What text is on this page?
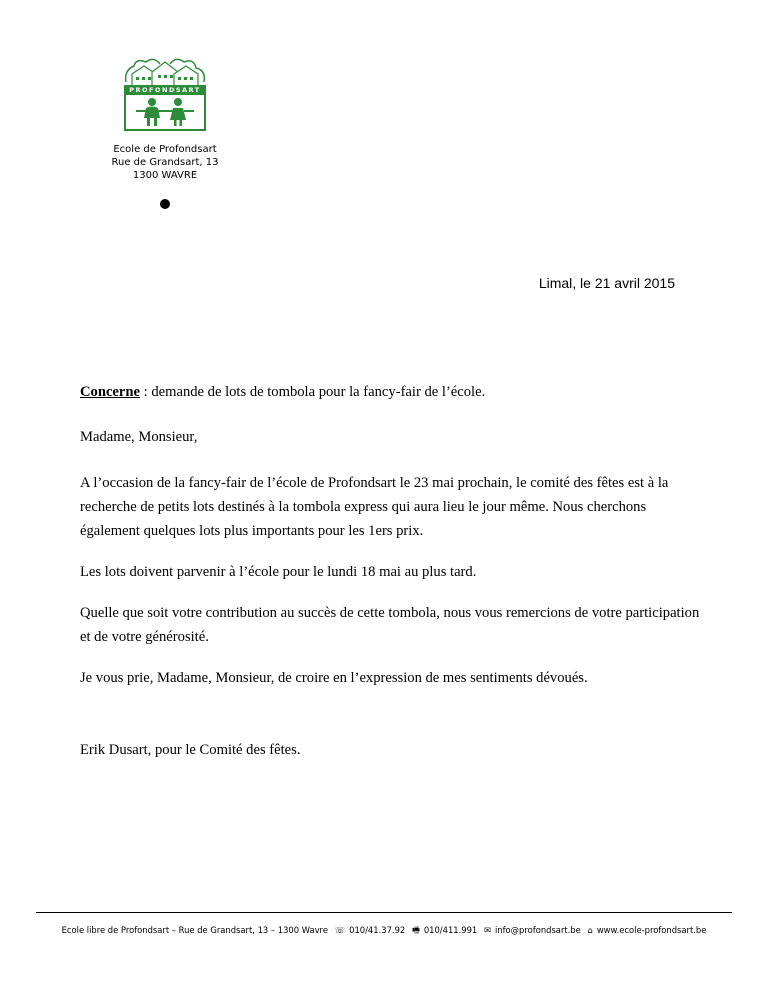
PROFONDSART
Ecole de Profondsart
Rue de Grandsart, 13
1300 WAVRE
Limal, le 21 avril 2015

Concerne : demande de lots de tombola pour la fancy-fair de l’école.

Madame, Monsieur,

A l’occasion de la fancy-fair de l’école de Profondsart le 23 mai prochain, le comité des fêtes est à la recherche de petits lots destinés à la tombola express qui aura lieu le jour même. Nous cherchons également quelques lots plus importants pour les 1ers prix.

Les lots doivent parvenir à l’école pour le lundi 18 mai au plus tard.

Quelle que soit votre contribution au succès de cette tombola, nous vous remercions de votre participation et de votre générosité.

Je vous prie, Madame, Monsieur, de croire en l’expression de mes sentiments dévoués.

Erik Dusart, pour le Comité des fêtes.

Ecole libre de Profondsart – Rue de Grandsart, 13 – 1300 Wavre ☏ 010/41.37.92 🖷 010/411.991 ✉ info@profondsart.be ⌂ www.ecole-profondsart.be
